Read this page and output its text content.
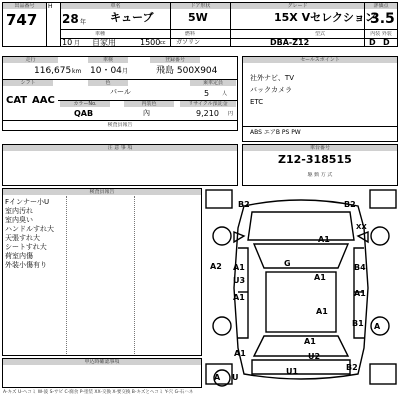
出品番号	車名	ドア形状	グレード	評価点
747
H
28 年 キューブ	5W	15X Vセレクション
3.5
車種	燃料	型式	内装 外装
10 月 自家用	1500 cc ガソリン	DBA-Z12	D D
走行	車検	登録番号
116,675 km 10・04 月	飛島 500X904
シフト	色	乗車定員
CAT AAC
パール	5	人
カラーNo.	内装色	リサイクル預託金
QAB	內	9,210 円
検査員報告
セールスポイント
社外ナビ、TV
バックカメラ
ETC
ABS エアB PS PW
注 意 事 項	車台番号
Z12-318515
駆 動 方 式
検査員報告
Fインナー小U
室内汚れ
室内臭い
ハンドルすれ大
天張すれ大
シートすれ大
荷室内傷
外装小傷有り
申込時確認事項
B2	B2
XX
A1
G
A2 A1
U3
A1
A1
B4
A1
B1 A
A1
A1
U2
A1
B2
U1
A U
A-キズ U-ヘコミ W-波 S-サビ C-腐食 P-塗装 XX-交換 X-要交換 B-キズとヘコミ Y-穴 G-石ハネ
